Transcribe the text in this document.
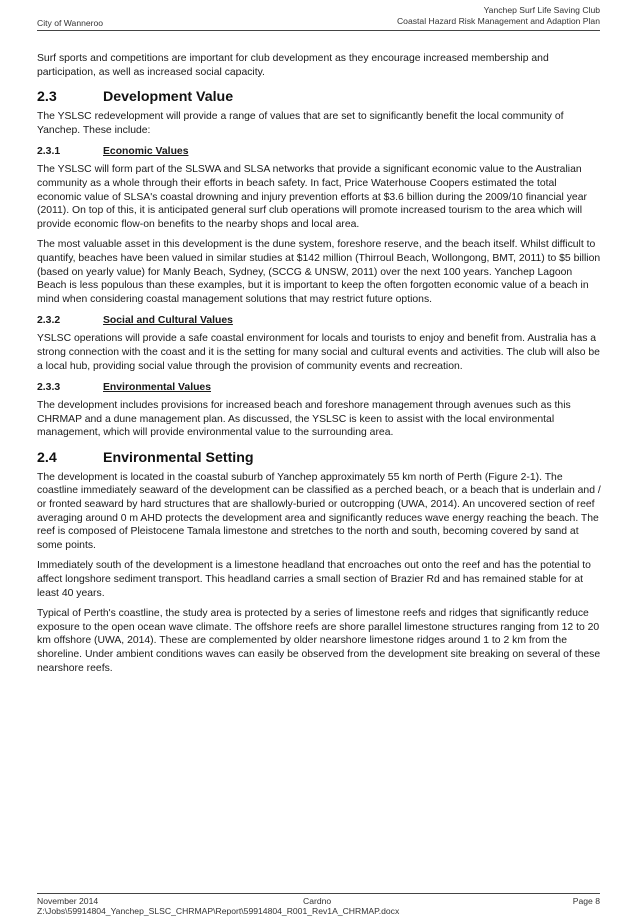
City of Wanneroo
Yanchep Surf Life Saving Club
Coastal Hazard Risk Management and Adaption Plan

Surf sports and competitions are important for club development as they encourage increased membership and participation, as well as increased social capacity.

2.3	Development Value

The YSLSC redevelopment will provide a range of values that are set to significantly benefit the local community of Yanchep. These include:

2.3.1	Economic Values

The YSLSC will form part of the SLSWA and SLSA networks that provide a significant economic value to the Australian community as a whole through their efforts in beach safety. In fact, Price Waterhouse Coopers estimated the total economic value of SLSA's coastal drowning and injury prevention efforts at $3.6 billion during the 2009/10 financial year (2011). On top of this, it is anticipated general surf club operations will promote increased tourism to the area which will provide economic flow-on benefits to the nearby shops and local area.

The most valuable asset in this development is the dune system, foreshore reserve, and the beach itself. Whilst difficult to quantify, beaches have been valued in similar studies at $142 million (Thirroul Beach, Wollongong, BMT, 2011) to $5 billion (based on yearly value) for Manly Beach, Sydney, (SCCG & UNSW, 2011) over the next 100 years. Yanchep Lagoon Beach is less populous than these examples, but it is important to keep the often forgotten economic value of a beach in mind when considering coastal management solutions that may restrict future options.

2.3.2	Social and Cultural Values

YSLSC operations will provide a safe coastal environment for locals and tourists to enjoy and benefit from. Australia has a strong connection with the coast and it is the setting for many social and cultural events and activities. The club will also be a local hub, providing social value through the provision of community events and recreation.

2.3.3	Environmental Values

The development includes provisions for increased beach and foreshore management through avenues such as this CHRMAP and a dune management plan. As discussed, the YSLSC is keen to assist with the local environmental management, which will provide environmental value to the surrounding area.

2.4	Environmental Setting

The development is located in the coastal suburb of Yanchep approximately 55 km north of Perth (Figure 2-1). The coastline immediately seaward of the development can be classified as a perched beach, or a beach that is underlain and / or fronted seaward by hard structures that are shallowly-buried or outcropping (UWA, 2014). An uncovered section of reef averaging around 0 m AHD protects the development area and significantly reduces wave energy reaching the beach. The reef is composed of Pleistocene Tamala limestone and stretches to the north and south, becoming covered by sand at some points.

Immediately south of the development is a limestone headland that encroaches out onto the reef and has the potential to affect longshore sediment transport. This headland carries a small section of Brazier Rd and has remained stable for at least 40 years.

Typical of Perth's coastline, the study area is protected by a series of limestone reefs and ridges that significantly reduce exposure to the open ocean wave climate. The offshore reefs are shore parallel limestone structures ranging from 12 to 20 km offshore (UWA, 2014). These are complemented by older nearshore limestone ridges around 1 to 2 km from the shoreline. Under ambient conditions waves can easily be observed from the development site breaking on several of these nearshore reefs.

November 2014	Cardno	Page 8
Z:\Jobs\59914804_Yanchep_SLSC_CHRMAP\Report\59914804_R001_Rev1A_CHRMAP.docx
